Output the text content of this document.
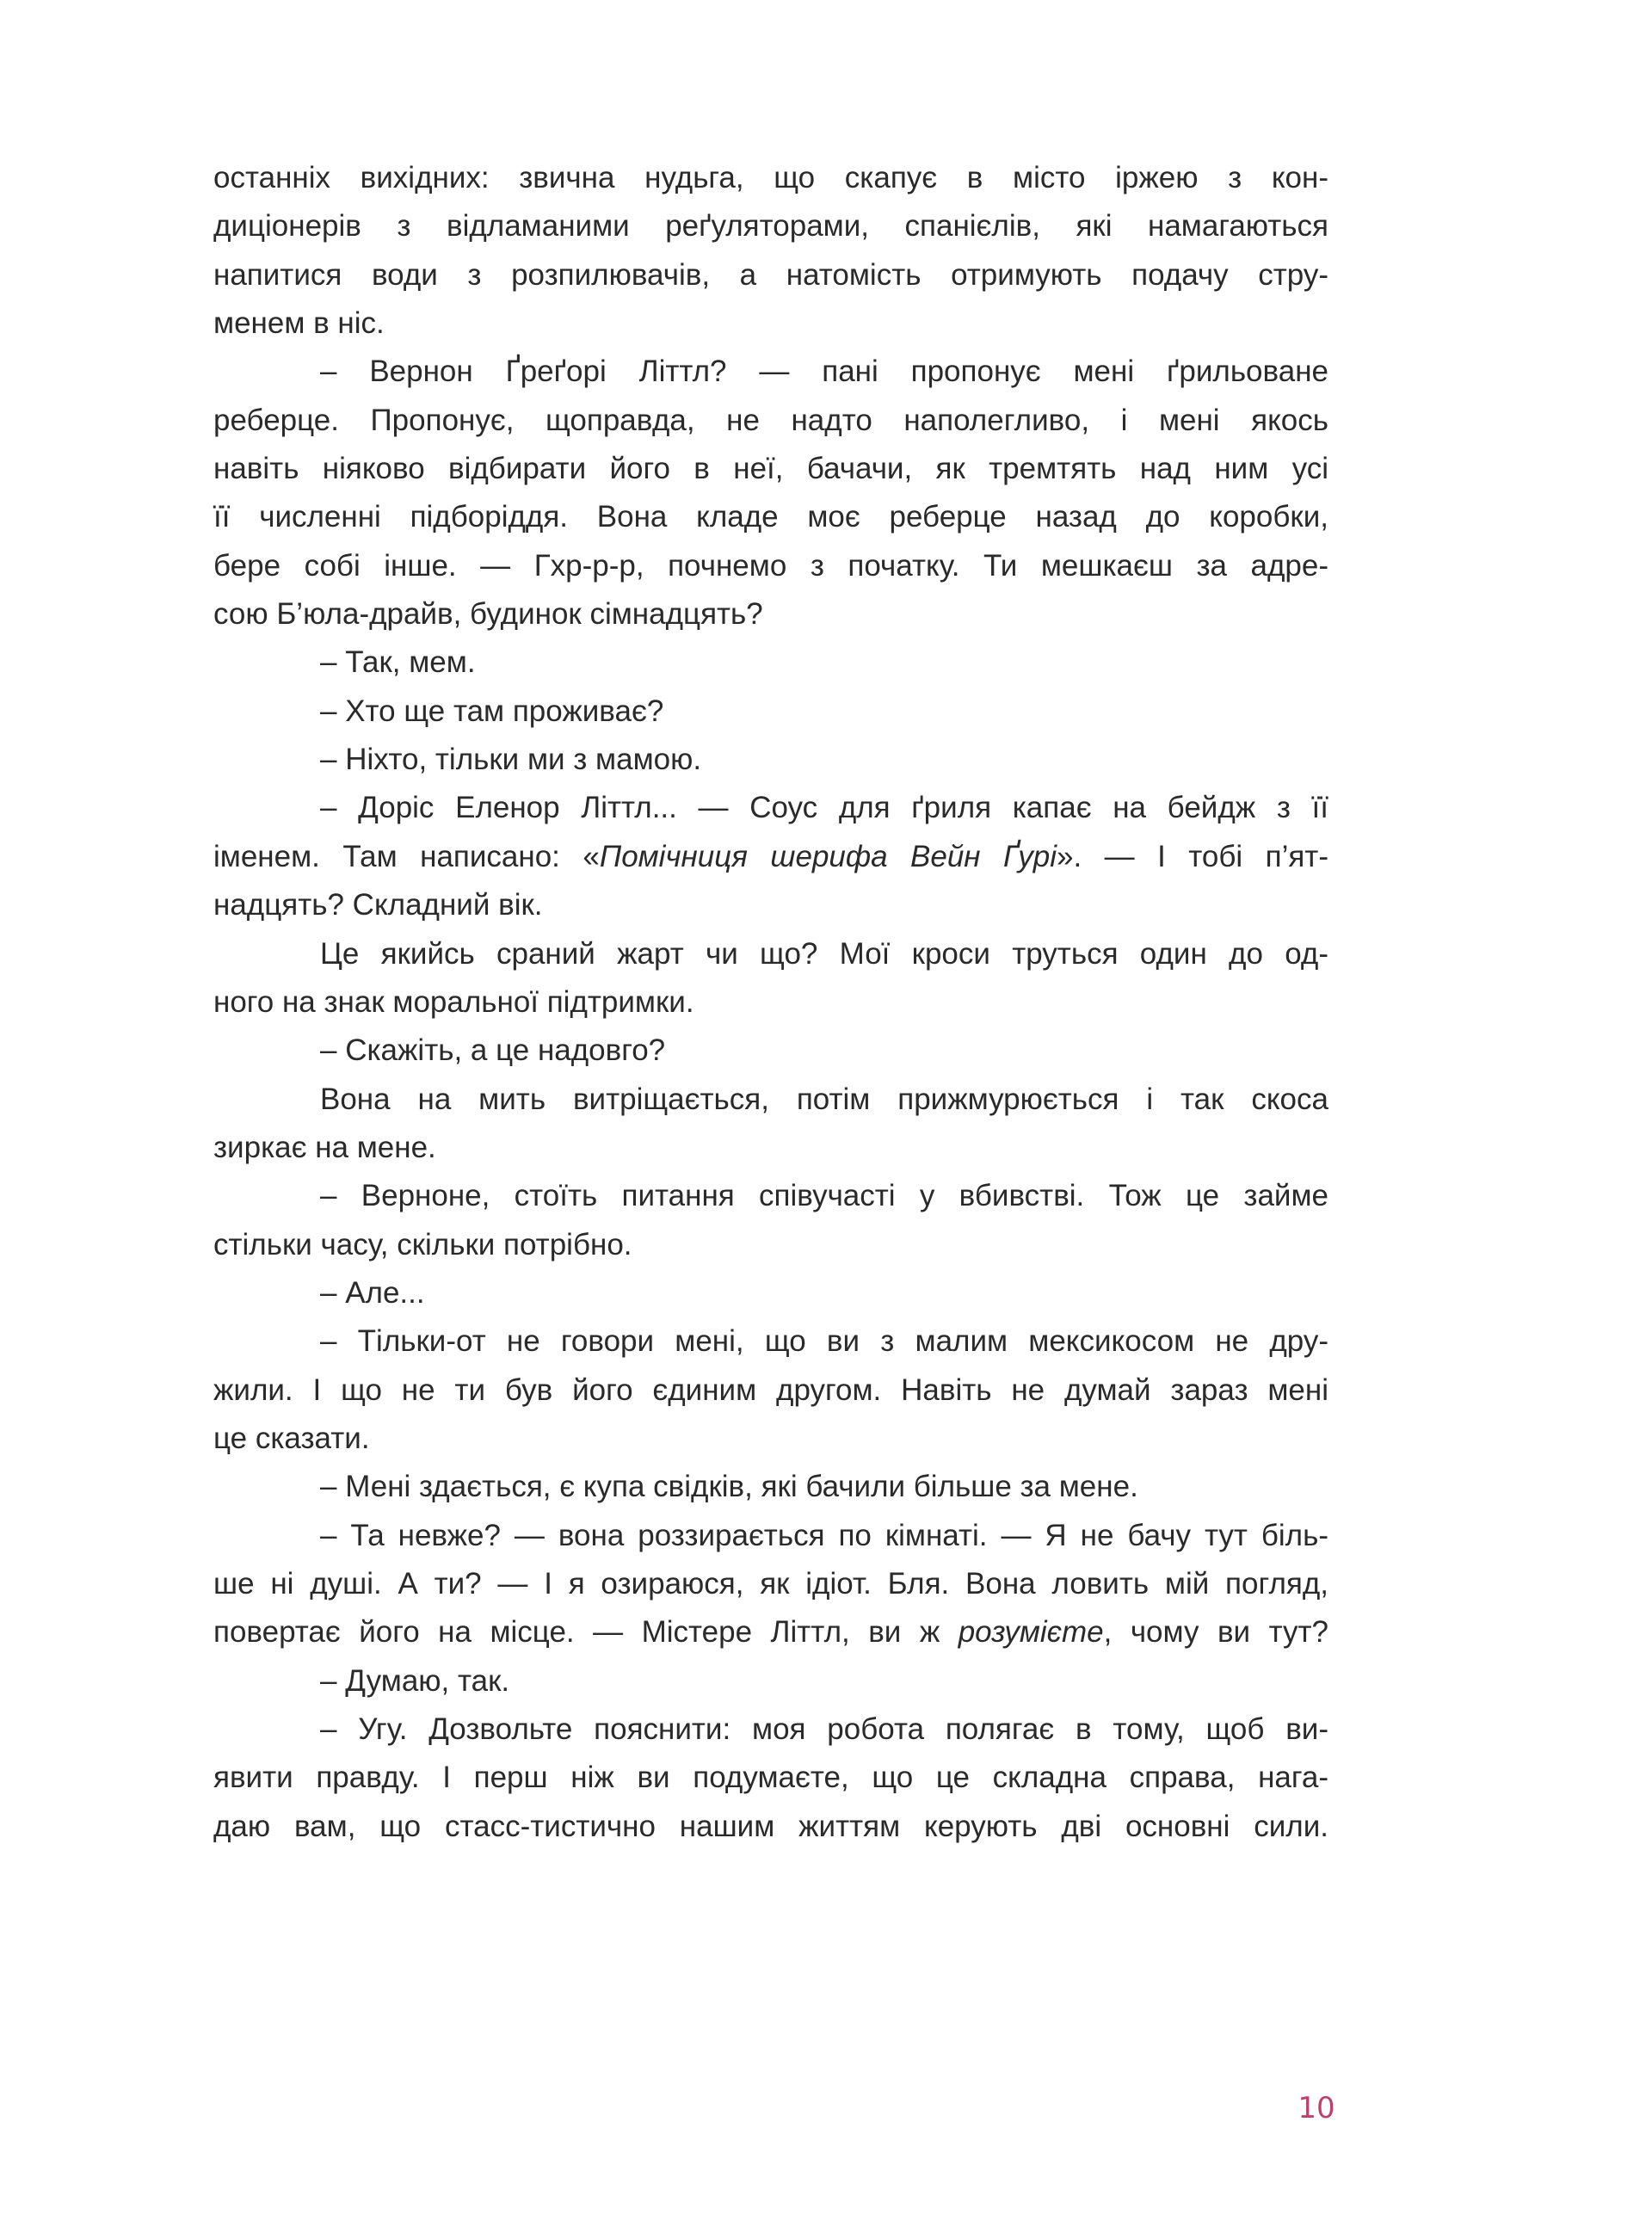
останніх вихідних: звична нудьга, що скапує в місто іржею з кон-
диціонерів з відламаними реґуляторами, спанієлів, які намагаються
напитися води з розпилювачів, а натомість отримують подачу стру-
менем в ніс.
– Вернон Ґреґорі Літтл? — пані пропонує мені ґрильоване
реберце. Пропонує, щоправда, не надто наполегливо, і мені якось
навіть ніяково відбирати його в неї, бачачи, як тремтять над ним усі
її численні підборіддя. Вона кладе моє реберце назад до коробки,
бере собі інше. — Гхр-р-р, почнемо з початку. Ти мешкаєш за адре-
сою Б’юла-драйв, будинок сімнадцять?
– Так, мем.
– Хто ще там проживає?
– Ніхто, тільки ми з мамою.
– Доріс Еленор Літтл... — Соус для ґриля капає на бейдж з її
іменем. Там написано: «Помічниця шерифа Вейн Ґурі». — І тобі п’ят-
надцять? Складний вік.
Це якийсь сраний жарт чи що? Мої кроси труться один до од-
ного на знак моральної підтримки.
– Скажіть, а це надовго?
Вона на мить витріщається, потім прижмурюється і так скоса
зиркає на мене.
– Верноне, стоїть питання співучасті у вбивстві. Тож це займе
стільки часу, скільки потрібно.
– Але...
– Тільки-от не говори мені, що ви з малим мексикосом не дру-
жили. І що не ти був його єдиним другом. Навіть не думай зараз мені
це сказати.
– Мені здається, є купа свідків, які бачили більше за мене.
– Та невже? — вона роззирається по кімнаті. — Я не бачу тут біль-
ше ні душі. А ти? — І я озираюся, як ідіот. Бля. Вона ловить мій погляд,
повертає його на місце. — Містере Літтл, ви ж розумієте, чому ви тут?
– Думаю, так.
– Угу. Дозвольте пояснити: моя робота полягає в тому, щоб ви-
явити правду. І перш ніж ви подумаєте, що це складна справа, нага-
даю вам, що стасс-тистично нашим життям керують дві основні сили.
10
